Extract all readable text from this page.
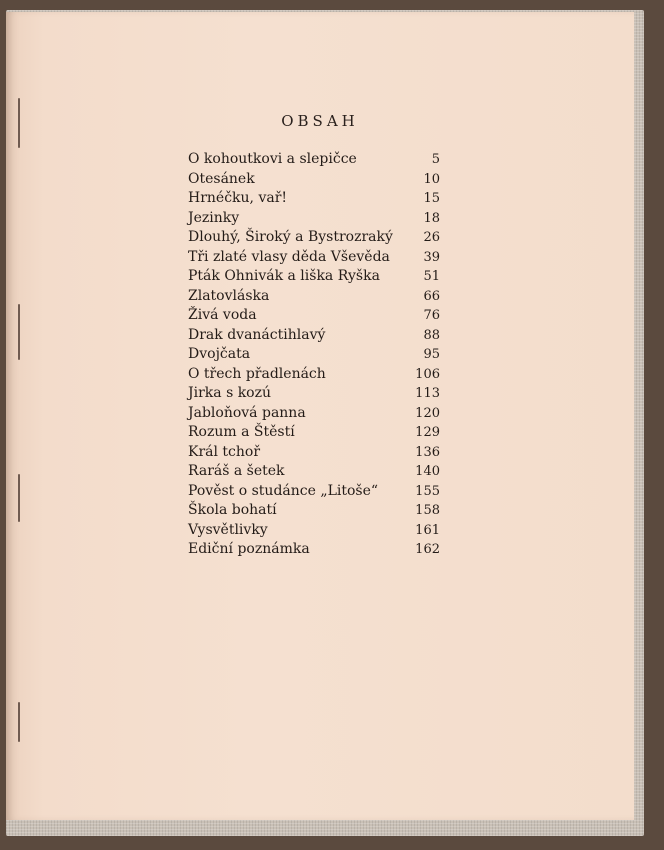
OBSAH
O kohoutkovi a slepičce	5
Otesánek	10
Hrnéčku, vař!	15
Jezinky	18
Dlouhý, Široký a Bystrozraký	26
Tři zlaté vlasy děda Vševěda	39
Pták Ohnivák a liška Ryška	51
Zlatovláska	66
Živá voda	76
Drak dvanáctihlavý	88
Dvojčata	95
O třech přadlenách	106
Jirka s kozú	113
Jabloňová panna	120
Rozum a Štěstí	129
Král tchoř	136
Raráš a šetek	140
Pověst o studánce „Litoše“	155
Škola bohatí	158
Vysvětlivky	161
Ediční poznámka	162
